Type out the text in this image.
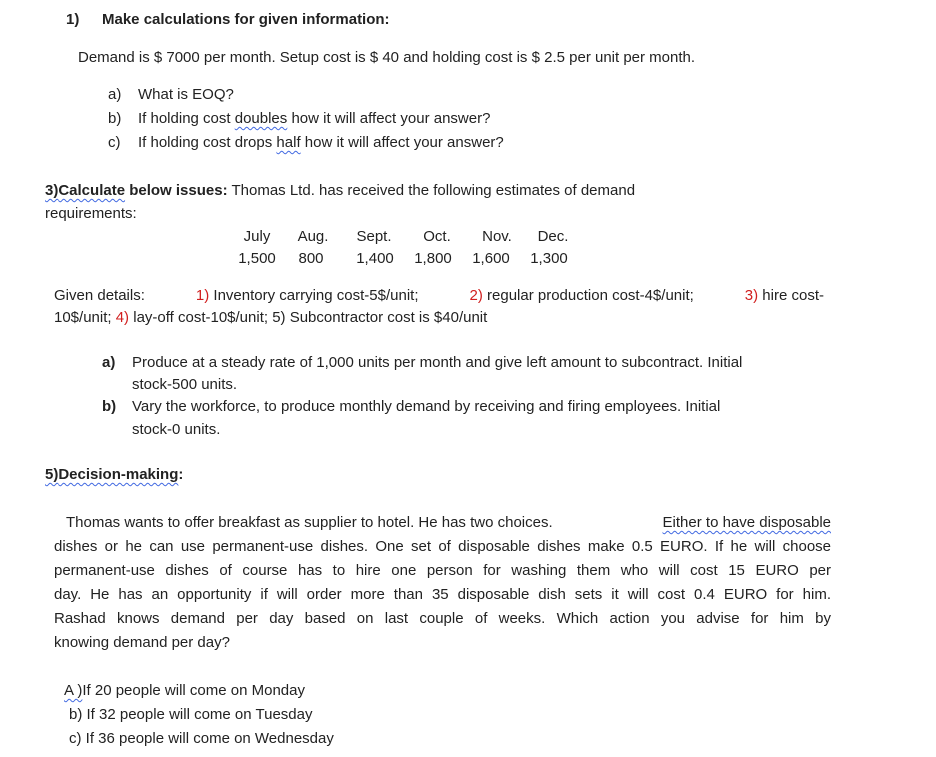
1) Make calculations for given information:
Demand is $ 7000 per month. Setup cost is $ 40 and holding cost is $ 2.5 per unit per month.
a) What is EOQ?
b) If holding cost doubles how it will affect your answer?
c) If holding cost drops half how it will affect your answer?
3)Calculate below issues: Thomas Ltd. has received the following estimates of demand
requirements:
July	Aug.	Sept.	Oct.	Nov.	Dec.
1,500	800	1,400	1,800	1,600	1,300
Given details:	1) Inventory carrying cost-5$/unit;	2) regular production cost-4$/unit;	3) hire cost-
10$/unit; 4) lay-off cost-10$/unit; 5) Subcontractor cost is $40/unit
a) Produce at a steady rate of 1,000 units per month and give left amount to subcontract. Initial
stock-500 units.
b) Vary the workforce, to produce monthly demand by receiving and firing employees. Initial
stock-0 units.
5)Decision-making:
Thomas wants to offer breakfast as supplier to hotel. He has two choices.	Either to have disposable
dishes or he can use permanent-use dishes. One set of disposable dishes make 0.5 EURO. If he will choose
permanent-use dishes of course has to hire one person for washing them who will cost 15 EURO per
day. He has an opportunity if will order more than 35 disposable dish sets it will cost 0.4 EURO for him.
Rashad knows demand per day based on last couple of weeks. Which action you advise for him by
knowing demand per day?
A )If 20 people will come on Monday
b) If 32 people will come on Tuesday
c) If 36 people will come on Wednesday
